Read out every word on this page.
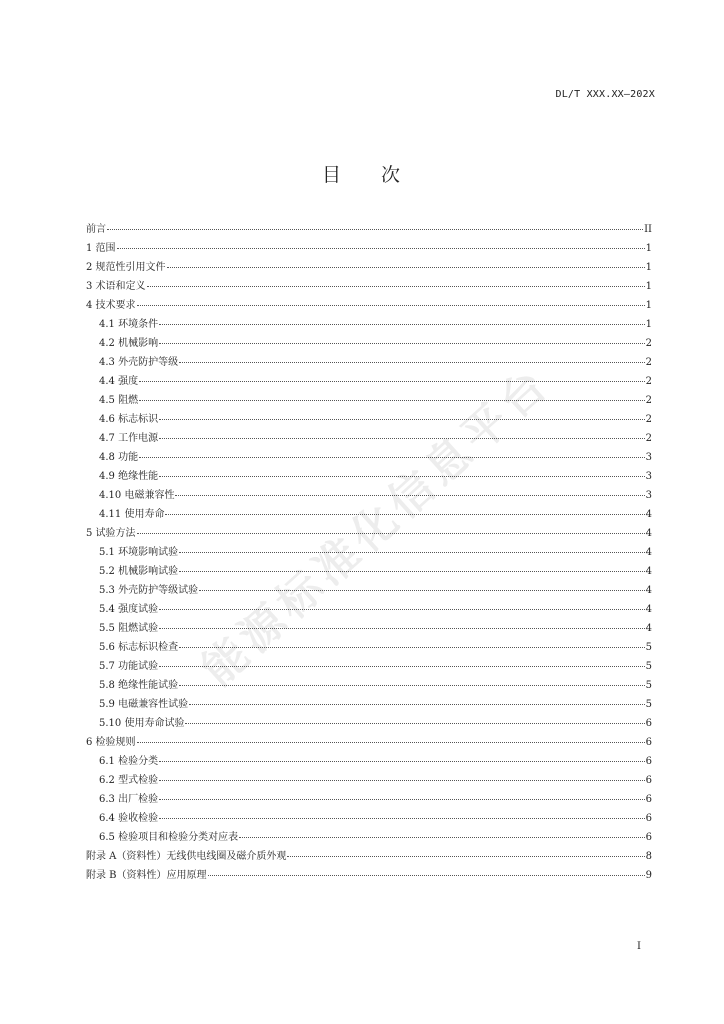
DL/T XXX.XX—202X
目 次
前言	II
1 范围	1
2 规范性引用文件	1
3 术语和定义	1
4 技术要求	1
4.1 环境条件	1
4.2 机械影响	2
4.3 外壳防护等级	2
4.4 强度	2
4.5 阻燃	2
4.6 标志标识	2
4.7 工作电源	2
4.8 功能	3
4.9 绝缘性能	3
4.10 电磁兼容性	3
4.11 使用寿命	4
5 试验方法	4
5.1 环境影响试验	4
5.2 机械影响试验	4
5.3 外壳防护等级试验	4
5.4 强度试验	4
5.5 阻燃试验	4
5.6 标志标识检查	5
5.7 功能试验	5
5.8 绝缘性能试验	5
5.9 电磁兼容性试验	5
5.10 使用寿命试验	6
6 检验规则	6
6.1 检验分类	6
6.2 型式检验	6
6.3 出厂检验	6
6.4 验收检验	6
6.5 检验项目和检验分类对应表	6
附录 A（资料性）无线供电线圈及磁介质外观	8
附录 B（资料性）应用原理	9
I
能源标准化信息平台
